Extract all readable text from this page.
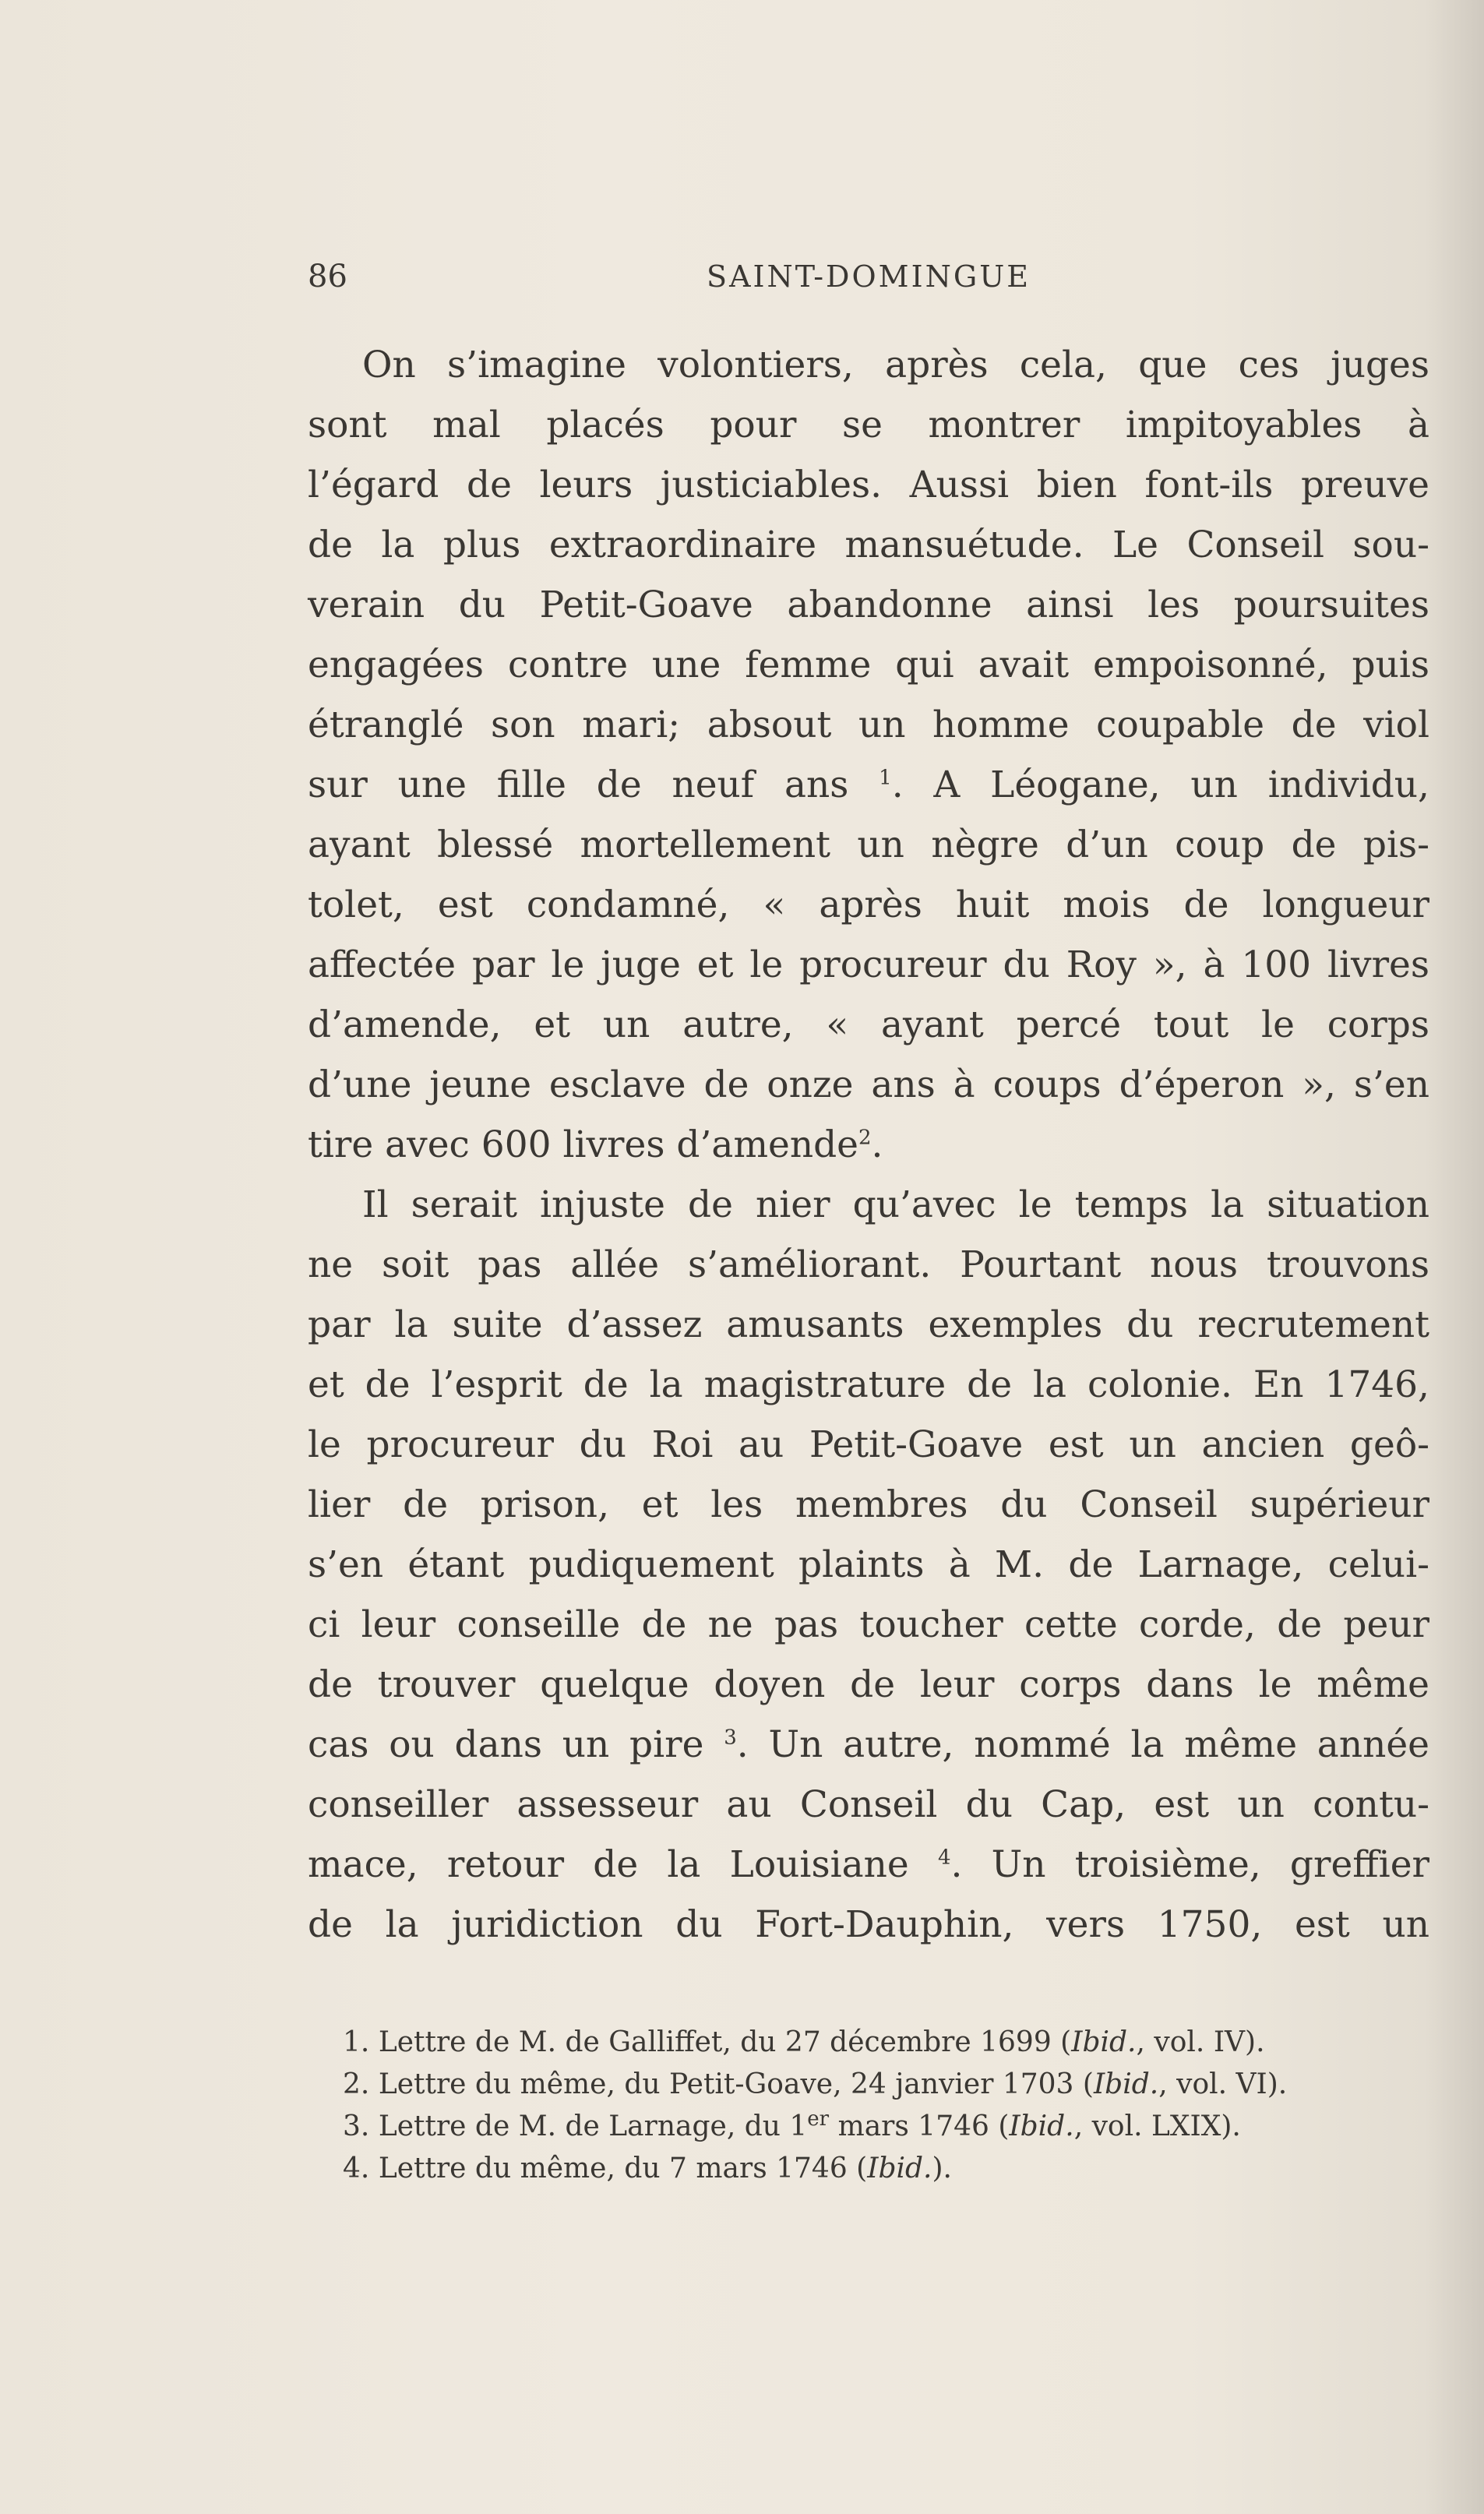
86	SAINT-DOMINGUE
On s’imagine volontiers, après cela, que ces juges
sont mal placés pour se montrer impitoyables à
l’égard de leurs justiciables. Aussi bien font-ils preuve
de la plus extraordinaire mansuétude. Le Conseil sou-
verain du Petit-Goave abandonne ainsi les poursuites
engagées contre une femme qui avait empoisonné, puis
étranglé son mari; absout un homme coupable de viol
sur une fille de neuf ans $^1$. A Léogane, un individu,
ayant blessé mortellement un nègre d’un coup de pis-
tolet, est condamné, « après huit mois de longueur
affectée par le juge et le procureur du Roy », à 100 livres
d’amende, et un autre, « ayant percé tout le corps
d’une jeune esclave de onze ans à coups d’éperon », s’en
tire avec 600 livres d’amende$^2$.
Il serait injuste de nier qu’avec le temps la situation
ne soit pas allée s’améliorant. Pourtant nous trouvons
par la suite d’assez amusants exemples du recrutement
et de l’esprit de la magistrature de la colonie. En 1746,
le procureur du Roi au Petit-Goave est un ancien geô-
lier de prison, et les membres du Conseil supérieur
s’en étant pudiquement plaints à M. de Larnage, celui-
ci leur conseille de ne pas toucher cette corde, de peur
de trouver quelque doyen de leur corps dans le même
cas ou dans un pire $^3$. Un autre, nommé la même année
conseiller assesseur au Conseil du Cap, est un contu-
mace, retour de la Louisiane $^4$. Un troisième, greffier
de la juridiction du Fort-Dauphin, vers 1750, est un
1. Lettre de M. de Galliffet, du 27 décembre 1699 (Ibid., vol. IV).
2. Lettre du même, du Petit-Goave, 24 janvier 1703 (Ibid., vol. VI).
3. Lettre de M. de Larnage, du 1er mars 1746 (Ibid., vol. LXIX).
4. Lettre du même, du 7 mars 1746 (Ibid.).
